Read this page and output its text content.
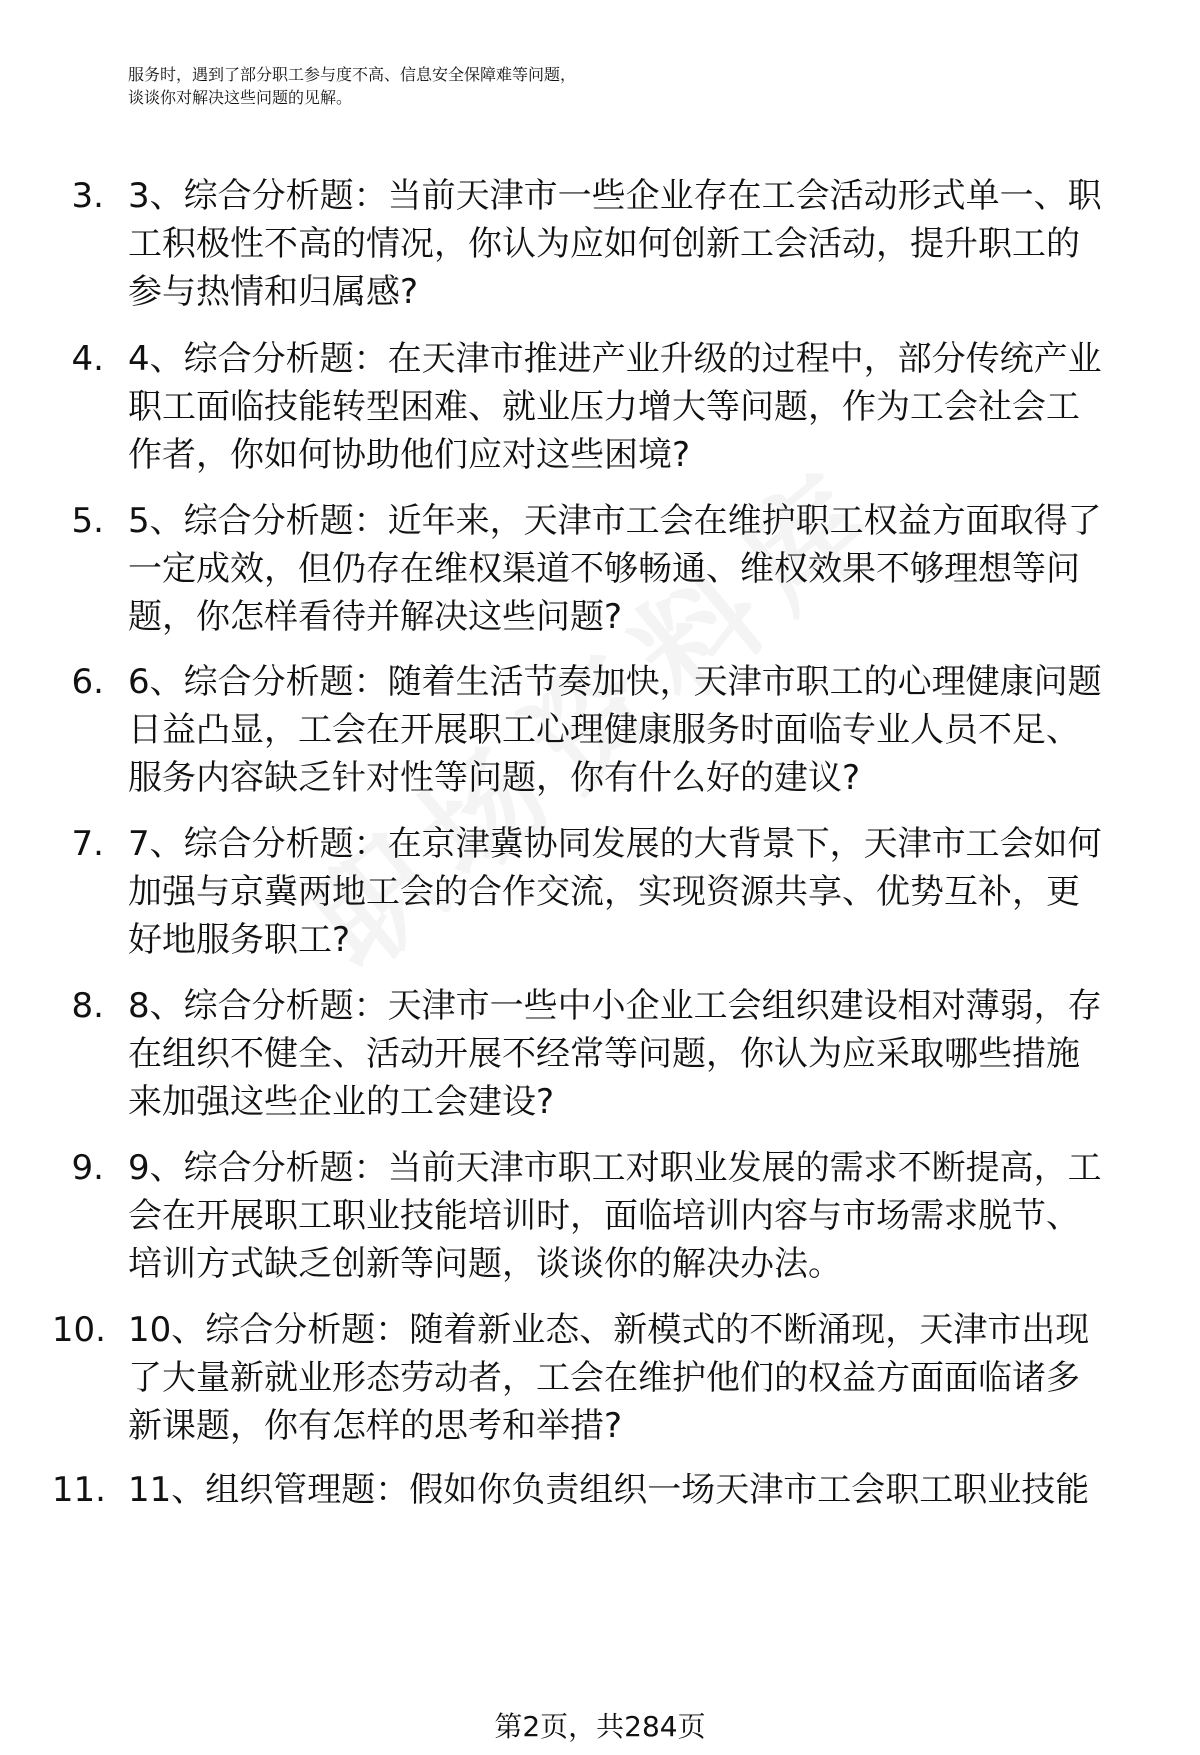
服务时，遇到了部分职工参与度不高、信息安全保障难等问题，
谈谈你对解决这些问题的见解。
3. 3、综合分析题：当前天津市一些企业存在工会活动形式单一、职
工积极性不高的情况，你认为应如何创新工会活动，提升职工的
参与热情和归属感?
4. 4、综合分析题：在天津市推进产业升级的过程中，部分传统产业
职工面临技能转型困难、就业压力增大等问题，作为工会社会工
作者，你如何协助他们应对这些困境?
5. 5、综合分析题：近年来，天津市工会在维护职工权益方面取得了
一定成效，但仍存在维权渠道不够畅通、维权效果不够理想等问
题，你怎样看待并解决这些问题?
6. 6、综合分析题：随着生活节奏加快，天津市职工的心理健康问题
日益凸显，工会在开展职工心理健康服务时面临专业人员不足、
服务内容缺乏针对性等问题，你有什么好的建议?
7. 7、综合分析题：在京津冀协同发展的大背景下，天津市工会如何
加强与京冀两地工会的合作交流，实现资源共享、优势互补，更
好地服务职工?
8. 8、综合分析题：天津市一些中小企业工会组织建设相对薄弱，存
在组织不健全、活动开展不经常等问题，你认为应采取哪些措施
来加强这些企业的工会建设?
9. 9、综合分析题：当前天津市职工对职业发展的需求不断提高，工
会在开展职工职业技能培训时，面临培训内容与市场需求脱节、
培训方式缺乏创新等问题，谈谈你的解决办法。
10. 10、综合分析题：随着新业态、新模式的不断涌现，天津市出现
了大量新就业形态劳动者，工会在维护他们的权益方面面临诸多
新课题，你有怎样的思考和举措?
11. 11、组织管理题：假如你负责组织一场天津市工会职工职业技能
第2页，共284页
